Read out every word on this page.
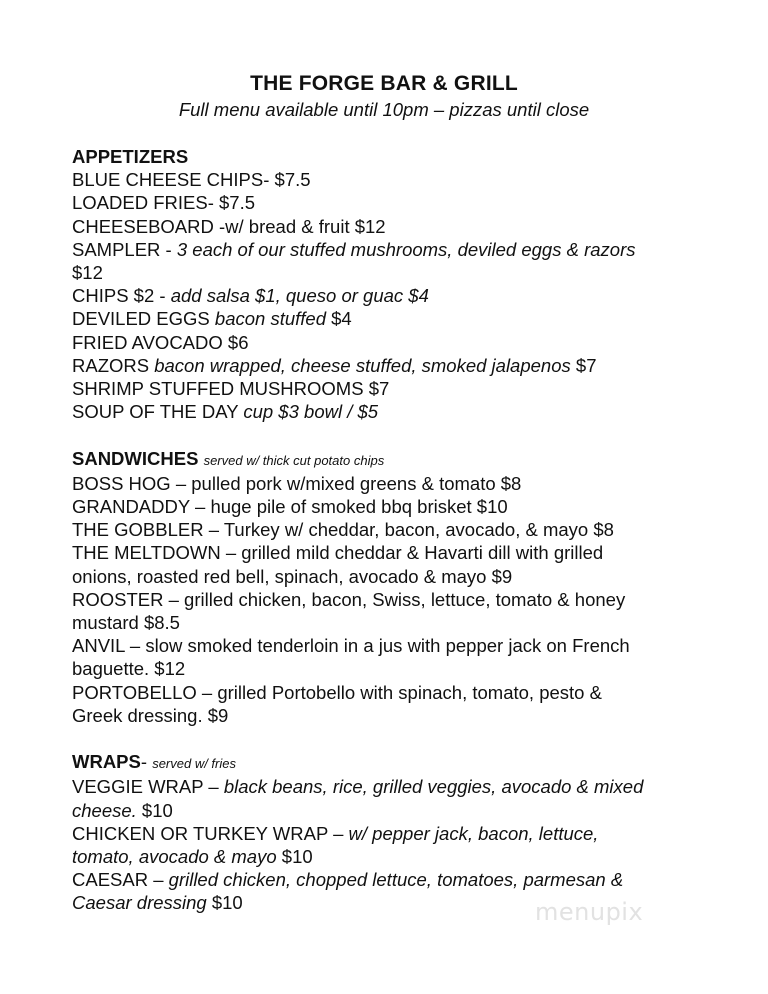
THE FORGE BAR & GRILL
Full menu available until 10pm – pizzas until close
APPETIZERS
BLUE CHEESE CHIPS- $7.5
LOADED FRIES- $7.5
CHEESEBOARD -w/ bread & fruit $12
SAMPLER - 3 each of our stuffed mushrooms, deviled eggs & razors
$12
CHIPS $2 - add salsa $1, queso or guac $4
DEVILED EGGS bacon stuffed $4
FRIED AVOCADO $6
RAZORS bacon wrapped, cheese stuffed, smoked jalapenos $7
SHRIMP STUFFED MUSHROOMS $7
SOUP OF THE DAY cup $3 bowl / $5
SANDWICHES served w/ thick cut potato chips
BOSS HOG – pulled pork w/mixed greens & tomato $8
GRANDADDY – huge pile of smoked bbq brisket $10
THE GOBBLER – Turkey w/ cheddar, bacon, avocado, & mayo $8
THE MELTDOWN – grilled mild cheddar & Havarti dill with grilled
onions, roasted red bell, spinach, avocado & mayo $9
ROOSTER – grilled chicken, bacon, Swiss, lettuce, tomato & honey
mustard $8.5
ANVIL – slow smoked tenderloin in a jus with pepper jack on French
baguette. $12
PORTOBELLO – grilled Portobello with spinach, tomato, pesto &
Greek dressing. $9
WRAPS- served w/ fries
VEGGIE WRAP – black beans, rice, grilled veggies, avocado & mixed
cheese. $10
CHICKEN OR TURKEY WRAP – w/ pepper jack, bacon, lettuce,
tomato, avocado & mayo $10
CAESAR – grilled chicken, chopped lettuce, tomatoes, parmesan &
Caesar dressing $10	menupix
